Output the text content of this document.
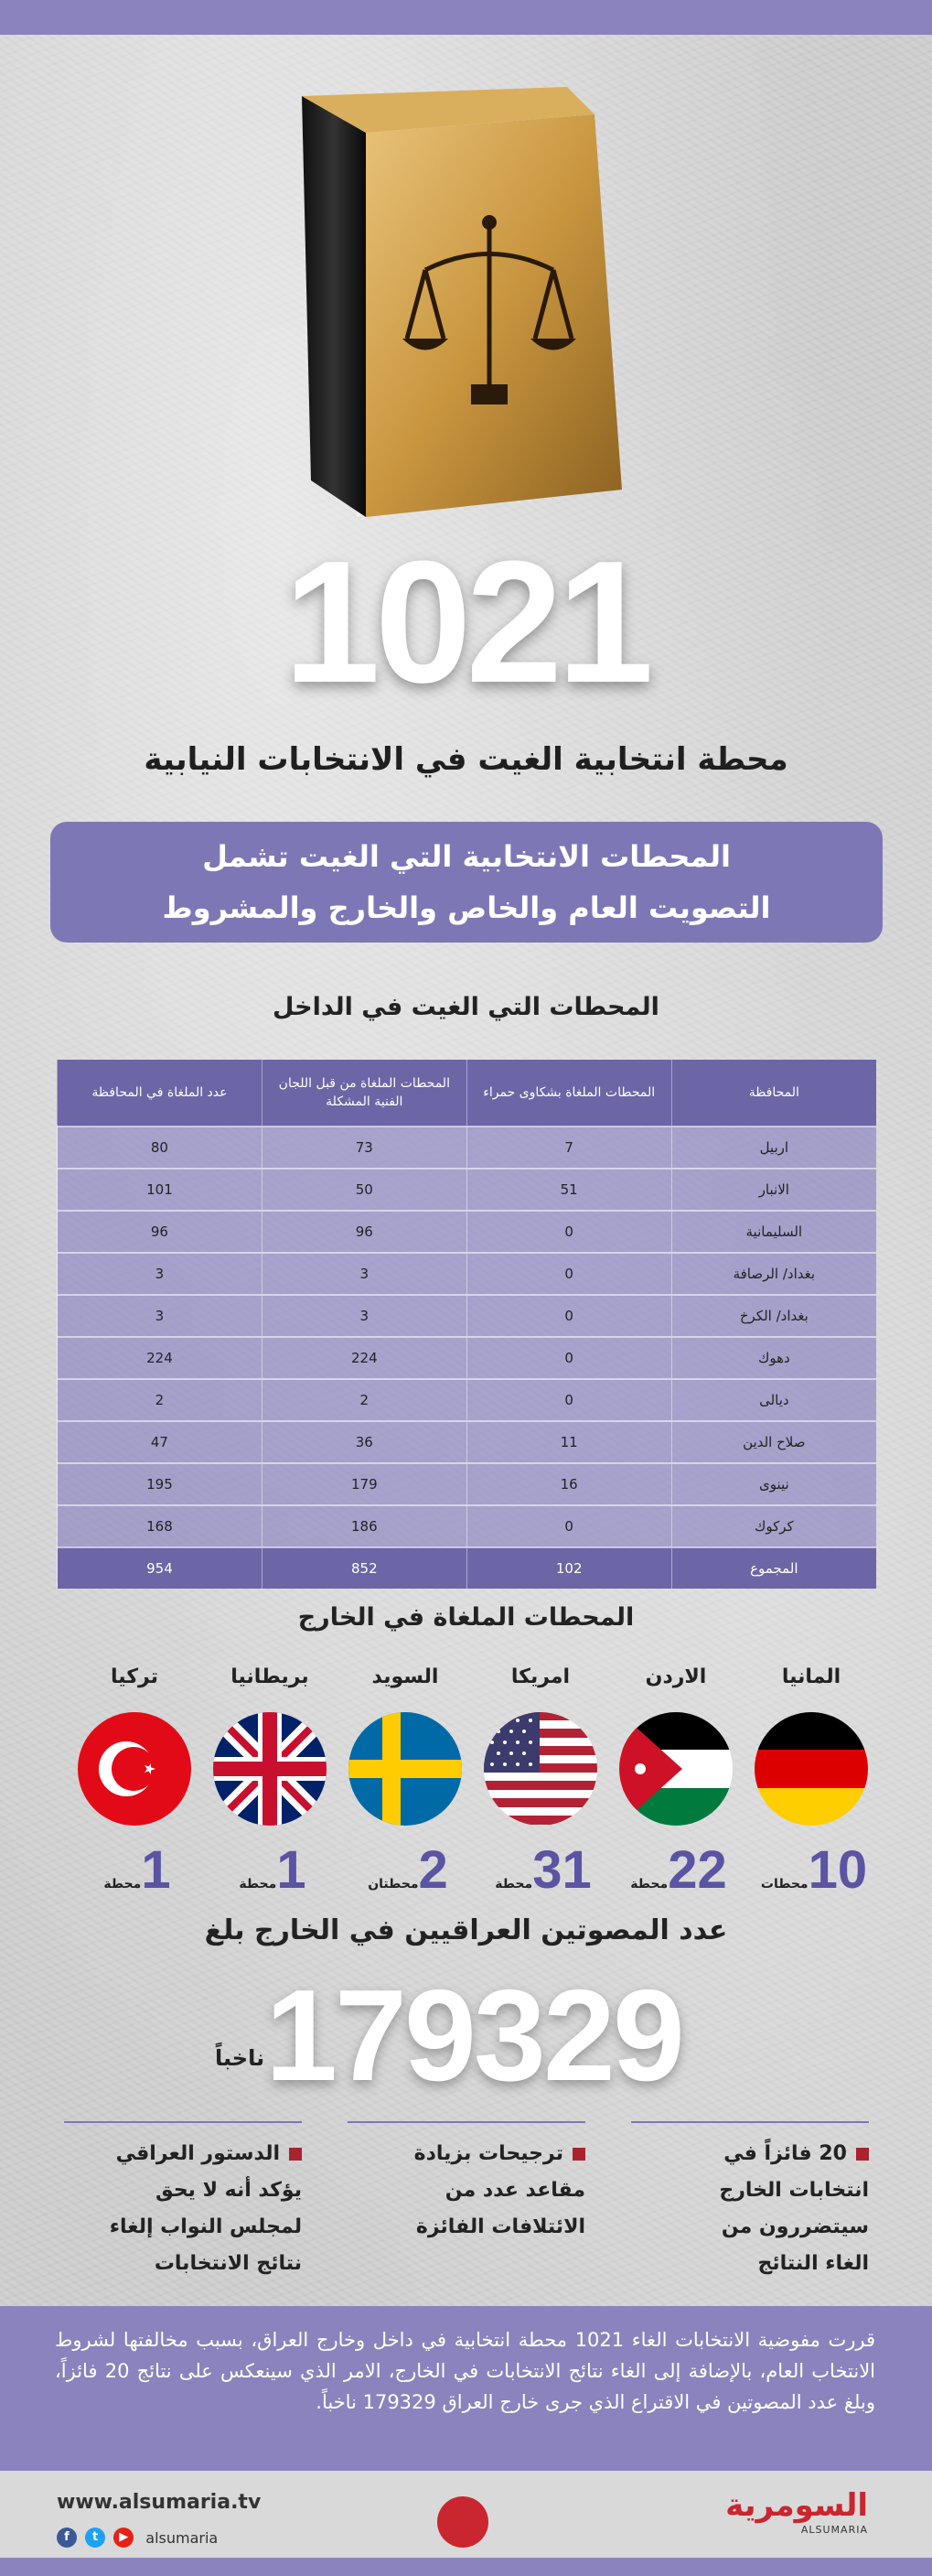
1021
محطة انتخابية الغيت في الانتخابات النيابية
المحطات الانتخابية التي الغيت تشمل
التصويت العام والخاص والخارج والمشروط
المحطات التي الغيت في الداخل
المحافظة	المحطات الملغاة بشكاوى حمراء	المحطات الملغاة من قبل اللجان الفنية المشكلة	عدد الملغاة في المحافظة
اربيل	7	73	80
الانبار	51	50	101
السليمانية	0	96	96
بغداد/ الرصافة	0	3	3
بغداد/ الكرخ	0	3	3
دهوك	0	224	224
ديالى	0	2	2
صلاح الدين	11	36	47
نينوى	16	179	195
كركوك	0	186	168
المجموع	102	852	954
المحطات الملغاة في الخارج
المانيا
10محطات
الاردن
22محطة
امريكا
31محطة
السويد
2محطتان
بريطانيا
1محطة
تركيا
1محطة
عدد المصوتين العراقيين في الخارج بلغ
179329
ناخباً
20 فائزاً في
انتخابات الخارج
سيتضررون من
الغاء النتائج
ترجيحات بزيادة
مقاعد عدد من
الائتلافات الفائزة
الدستور العراقي
يؤكد أنه لا يحق
لمجلس النواب إلغاء
نتائج الانتخابات
قررت مفوضية الانتخابات الغاء 1021 محطة انتخابية في داخل وخارج العراق، بسبب مخالفتها لشروط الانتخاب العام، بالإضافة إلى الغاء نتائج الانتخابات في الخارج، الامر الذي سينعكس على نتائج 20 فائزاً، وبلغ عدد المصوتين في الاقتراع الذي جرى خارج العراق 179329 ناخباً.
www.alsumaria.tv
f t ▶ alsumaria
السومرية
ALSUMARIA
